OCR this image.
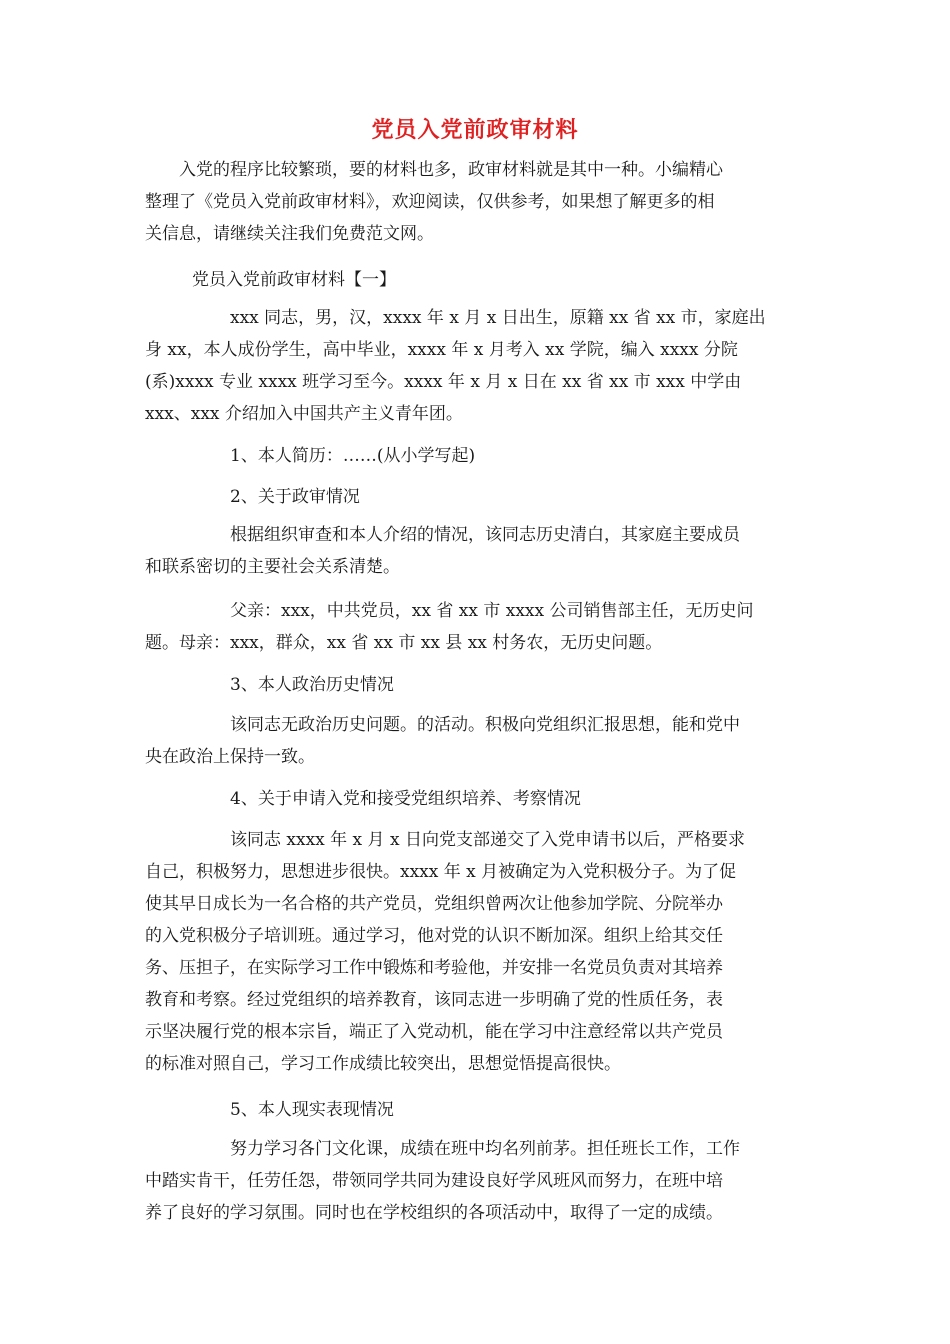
党员入党前政审材料
入党的程序比较繁琐，要的材料也多，政审材料就是其中一种。小编精心
整理了《党员入党前政审材料》，欢迎阅读，仅供参考，如果想了解更多的相
关信息，请继续关注我们免费范文网。
党员入党前政审材料【一】
xxx 同志，男，汉，xxxx 年 x 月 x 日出生，原籍 xx 省 xx 市，家庭出
身 xx，本人成份学生，高中毕业，xxxx 年 x 月考入 xx 学院，编入 xxxx 分院
(系)xxxx 专业 xxxx 班学习至今。xxxx 年 x 月 x 日在 xx 省 xx 市 xxx 中学由
xxx、xxx 介绍加入中国共产主义青年团。
1、本人简历：……(从小学写起)
2、关于政审情况
根据组织审查和本人介绍的情况，该同志历史清白，其家庭主要成员
和联系密切的主要社会关系清楚。
父亲：xxx，中共党员，xx 省 xx 市 xxxx 公司销售部主任，无历史问
题。母亲：xxx，群众，xx 省 xx 市 xx 县 xx 村务农，无历史问题。
3、本人政治历史情况
该同志无政治历史问题。的活动。积极向党组织汇报思想，能和党中
央在政治上保持一致。
4、关于申请入党和接受党组织培养、考察情况
该同志 xxxx 年 x 月 x 日向党支部递交了入党申请书以后，严格要求
自己，积极努力，思想进步很快。xxxx 年 x 月被确定为入党积极分子。为了促
使其早日成长为一名合格的共产党员，党组织曾两次让他参加学院、分院举办
的入党积极分子培训班。通过学习，他对党的认识不断加深。组织上给其交任
务、压担子，在实际学习工作中锻炼和考验他，并安排一名党员负责对其培养
教育和考察。经过党组织的培养教育，该同志进一步明确了党的性质任务，表
示坚决履行党的根本宗旨，端正了入党动机，能在学习中注意经常以共产党员
的标准对照自己，学习工作成绩比较突出，思想觉悟提高很快。
5、本人现实表现情况
努力学习各门文化课，成绩在班中均名列前茅。担任班长工作，工作
中踏实肯干，任劳任怨，带领同学共同为建设良好学风班风而努力，在班中培
养了良好的学习氛围。同时也在学校组织的各项活动中，取得了一定的成绩。
